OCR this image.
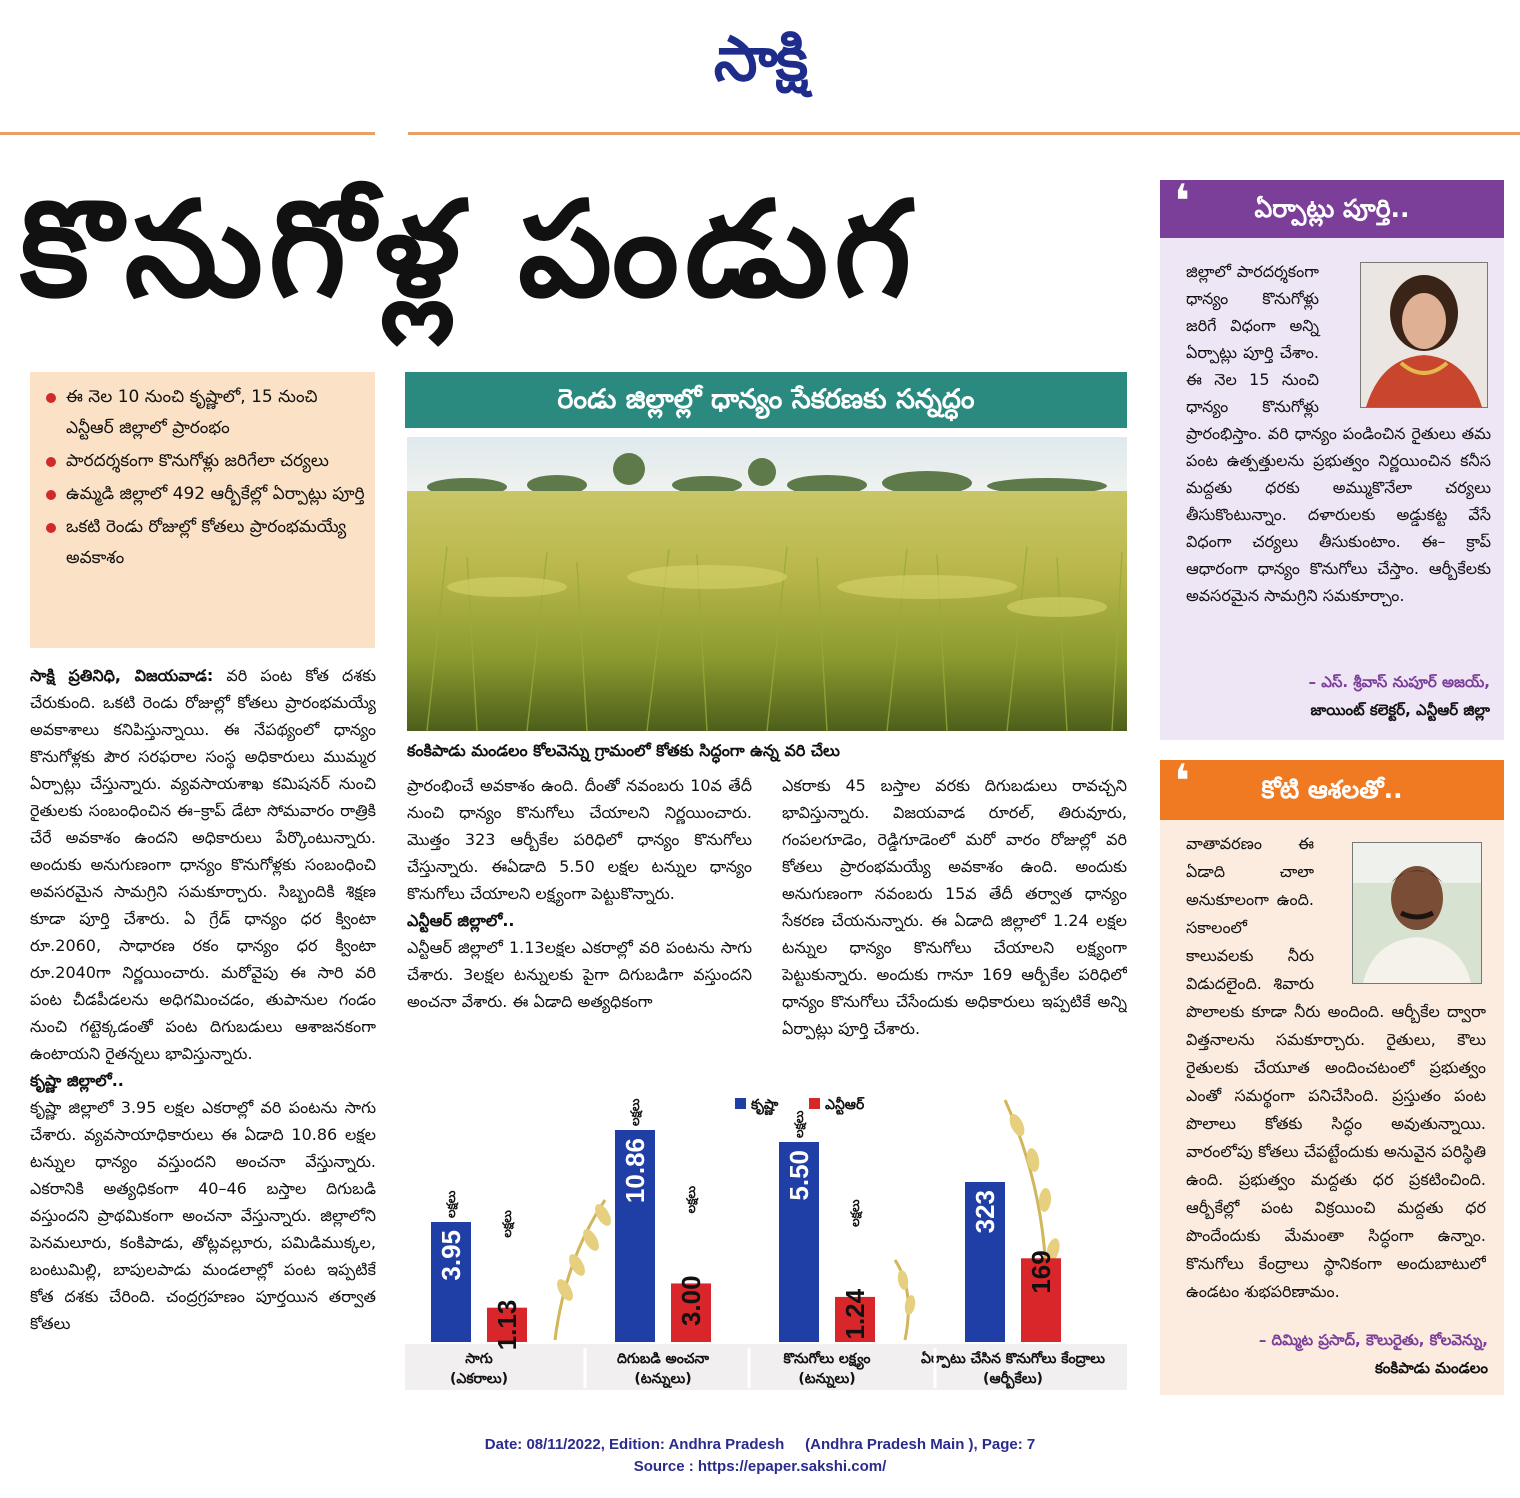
సాక్షి
కొనుగోళ్ల పండుగ
ఈ నెల 10 నుంచి కృష్ణాలో, 15 నుంచి ఎన్టీఆర్ జిల్లాలో ప్రారంభం
పారదర్శకంగా కొనుగోళ్లు జరిగేలా చర్యలు
ఉమ్మడి జిల్లాలో 492 ఆర్బీకేల్లో ఏర్పాట్లు పూర్తి
ఒకటి రెండు రోజుల్లో కోతలు ప్రారంభమయ్యే అవకాశం

సాక్షి ప్రతినిధి, విజయవాడ: వరి పంట కోత దశకు చేరుకుంది. ఒకటి రెండు రోజుల్లో కోతలు ప్రారంభమయ్యే అవకాశాలు కనిపిస్తున్నాయి. ఈ నేపథ్యంలో ధాన్యం కొనుగోళ్లకు పౌర సరఫరాల సంస్థ అధికారులు ముమ్మర ఏర్పాట్లు చేస్తున్నారు. వ్యవసాయశాఖ కమిషనర్ నుంచి రైతులకు సంబంధించిన ఈ–క్రాప్ డేటా సోమవారం రాత్రికి చేరే అవకాశం ఉందని అధికారులు పేర్కొంటున్నారు. అందుకు అనుగుణంగా ధాన్యం కొనుగోళ్లకు సంబంధించి అవసరమైన సామగ్రిని సమకూర్చారు. సిబ్బందికి శిక్షణ కూడా పూర్తి చేశారు. ఏ గ్రేడ్ ధాన్యం ధర క్వింటా రూ.2060, సాధారణ రకం ధాన్యం ధర క్వింటా రూ.2040గా నిర్ణయించారు. మరోవైపు ఈ సారి వరి పంట చీడపీడలను అధిగమించడం, తుపానుల గండం నుంచి గట్టెక్కడంతో పంట దిగుబడులు ఆశాజనకంగా ఉంటాయని రైతన్నలు భావిస్తున్నారు.

కృష్ణా జిల్లాలో..

కృష్ణా జిల్లాలో 3.95 లక్షల ఎకరాల్లో వరి పంటను సాగు చేశారు. వ్యవసాయాధికారులు ఈ ఏడాది 10.86 లక్షల టన్నుల ధాన్యం వస్తుందని అంచనా వేస్తున్నారు. ఎకరానికి అత్యధికంగా 40–46 బస్తాల దిగుబడి వస్తుందని ప్రాథమికంగా అంచనా వేస్తున్నారు. జిల్లాలోని పెనమలూరు, కంకిపాడు, తోట్లవల్లూరు, పమిడిముక్కల, బంటుమిల్లి, బాపులపాడు మండలాల్లో పంట ఇప్పటికే కోత దశకు చేరింది. చంద్రగ్రహణం పూర్తయిన తర్వాత కోతలు

రెండు జిల్లాల్లో ధాన్యం సేకరణకు సన్నద్ధం
కంకిపాడు మండలం కోలవెన్ను గ్రామంలో కోతకు సిద్ధంగా ఉన్న వరి చేలు

ప్రారంభించే అవకాశం ఉంది. దీంతో నవంబరు 10వ తేదీ నుంచి ధాన్యం కొనుగోలు చేయాలని నిర్ణయించారు. మొత్తం 323 ఆర్బీకేల పరిధిలో ధాన్యం కొనుగోలు చేస్తున్నారు. ఈఏడాది 5.50 లక్షల టన్నుల ధాన్యం కొనుగోలు చేయాలని లక్ష్యంగా పెట్టుకొన్నారు.

ఎన్టీఆర్ జిల్లాలో..

ఎన్టీఆర్ జిల్లాలో 1.13లక్షల ఎకరాల్లో వరి పంటను సాగు చేశారు. 3లక్షల టన్నులకు పైగా దిగుబడిగా వస్తుందని అంచనా వేశారు. ఈ ఏడాది అత్యధికంగా

ఎకరాకు 45 బస్తాల వరకు దిగుబడులు రావచ్చని భావిస్తున్నారు. విజయవాడ రూరల్, తిరువూరు, గంపలగూడెం, రెడ్డిగూడెంలో మరో వారం రోజుల్లో వరి కోతలు ప్రారంభమయ్యే అవకాశం ఉంది. అందుకు అనుగుణంగా నవంబరు 15వ తేదీ తర్వాత ధాన్యం సేకరణ చేయనున్నారు. ఈ ఏడాది జిల్లాలో 1.24 లక్షల టన్నుల ధాన్యం కొనుగోలు చేయాలని లక్ష్యంగా పెట్టుకున్నారు. అందుకు గానూ 169 ఆర్బీకేల పరిధిలో ధాన్యం కొనుగోలు చేసేందుకు అధికారులు ఇప్పటికే అన్ని ఏర్పాట్లు పూర్తి చేశారు.

3.95
లక్షలు
1.13
లక్షలు
10.86
లక్షలు
3.00
లక్షలు	5.50
లక్షలు
1.24
లక్షలు	323
169
కృష్ణా	ఎన్టీఆర్
సాగు
(ఎకరాలు)
దిగుబడి అంచనా
(టన్నులు)
కొనుగోలు లక్ష్యం
(టన్నులు)
ఏర్పాటు చేసిన కొనుగోలు కేంద్రాలు
(ఆర్బీకేలు)
❛	ఏర్పాట్లు పూర్తి..
జిల్లాలో పారదర్శకంగా ధాన్యం కొనుగోళ్లు జరిగే విధంగా అన్ని ఏర్పాట్లు పూర్తి చేశాం. ఈ నెల 15 నుంచి ధాన్యం కొనుగోళ్లు ప్రారంభిస్తాం. వరి ధాన్యం పండించిన రైతులు తమ పంట ఉత్పత్తులను ప్రభుత్వం నిర్ణయించిన కనీస మద్దతు ధరకు అమ్ముకొనేలా చర్యలు తీసుకొంటున్నాం. దళారులకు అడ్డుకట్ట వేసే విధంగా చర్యలు తీసుకుంటాం. ఈ– క్రాప్ ఆధారంగా ధాన్యం కొనుగోలు చేస్తాం. ఆర్బీకేలకు అవసరమైన సామగ్రిని సమకూర్చాం.
– ఎస్. శ్రీవాస్ నుపూర్ అజయ్,
జాయింట్ కలెక్టర్, ఎన్టీఆర్ జిల్లా
❛	కోటి ఆశలతో..
వాతావరణం ఈ ఏడాది చాలా అనుకూలంగా ఉంది. సకాలంలో కాలువలకు నీరు విడుదలైంది. శివారు పొలాలకు కూడా నీరు అందింది. ఆర్బీకేల ద్వారా విత్తనాలను సమకూర్చారు. రైతులు, కౌలు రైతులకు చేయూత అందించటంలో ప్రభుత్వం ఎంతో సమర్థంగా పనిచేసింది. ప్రస్తుతం పంట పొలాలు కోతకు సిద్ధం అవుతున్నాయి. వారంలోపు కోతలు చేపట్టేందుకు అనువైన పరిస్థితి ఉంది. ప్రభుత్వం మద్దతు ధర ప్రకటించింది. ఆర్బీకేల్లో పంట విక్రయించి మద్దతు ధర పొందేందుకు మేమంతా సిద్ధంగా ఉన్నాం. కొనుగోలు కేంద్రాలు స్థానికంగా అందుబాటులో ఉండటం శుభపరిణామం.
– దిమ్మిట ప్రసాద్, కౌలురైతు, కోలవెన్ను,
కంకిపాడు మండలం
Date: 08/11/2022, Edition: Andhra Pradesh     (Andhra Pradesh Main ), Page: 7
Source : https://epaper.sakshi.com/
